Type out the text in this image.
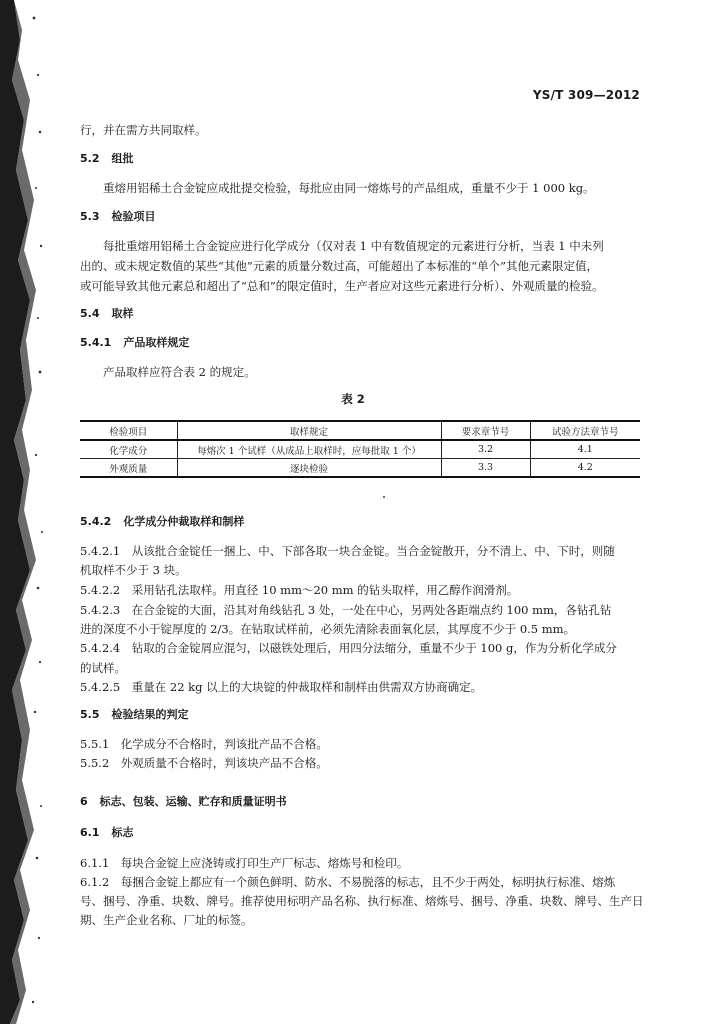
YS/T 309—2012
行，并在需方共同取样。
5.2 组批
重熔用铝稀土合金锭应成批提交检验，每批应由同一熔炼号的产品组成，重量不少于 1 000 kg。
5.3 检验项目
每批重熔用铝稀土合金锭应进行化学成分（仅对表 1 中有数值规定的元素进行分析，当表 1 中未列
出的、或未规定数值的某些“其他”元素的质量分数过高，可能超出了本标准的“单个”其他元素限定值，
或可能导致其他元素总和超出了“总和”的限定值时，生产者应对这些元素进行分析）、外观质量的检验。
5.4 取样
5.4.1 产品取样规定
产品取样应符合表 2 的规定。
表 2
检验项目	取样规定	要求章节号	试验方法章节号
化学成分	每熔次 1 个试样（从成品上取样时，应每批取 1 个）	3.2	4.1
外观质量	逐块检验	3.3	4.2
5.4.2 化学成分仲裁取样和制样
5.4.2.1　从该批合金锭任一捆上、中、下部各取一块合金锭。当合金锭散开，分不清上、中、下时，则随
机取样不少于 3 块。
5.4.2.2　采用钻孔法取样。用直径 10 mm～20 mm 的钻头取样，用乙醇作润滑剂。
5.4.2.3　在合金锭的大面，沿其对角线钻孔 3 处，一处在中心，另两处各距端点约 100 mm，各钻孔钻
进的深度不小于锭厚度的 2/3。在钻取试样前，必须先清除表面氧化层，其厚度不少于 0.5 mm。
5.4.2.4　钻取的合金锭屑应混匀，以磁铁处理后，用四分法缩分，重量不少于 100 g，作为分析化学成分
的试样。
5.4.2.5　重量在 22 kg 以上的大块锭的仲裁取样和制样由供需双方协商确定。
5.5 检验结果的判定
5.5.1　化学成分不合格时，判该批产品不合格。
5.5.2　外观质量不合格时，判该块产品不合格。
6 标志、包装、运输、贮存和质量证明书
6.1 标志
6.1.1　每块合金锭上应浇铸或打印生产厂标志、熔炼号和检印。
6.1.2　每捆合金锭上都应有一个颜色鲜明、防水、不易脱落的标志，且不少于两处，标明执行标准、熔炼
号、捆号、净重、块数、牌号。推荐使用标明产品名称、执行标准、熔炼号、捆号、净重、块数、牌号、生产日
期、生产企业名称、厂址的标签。
